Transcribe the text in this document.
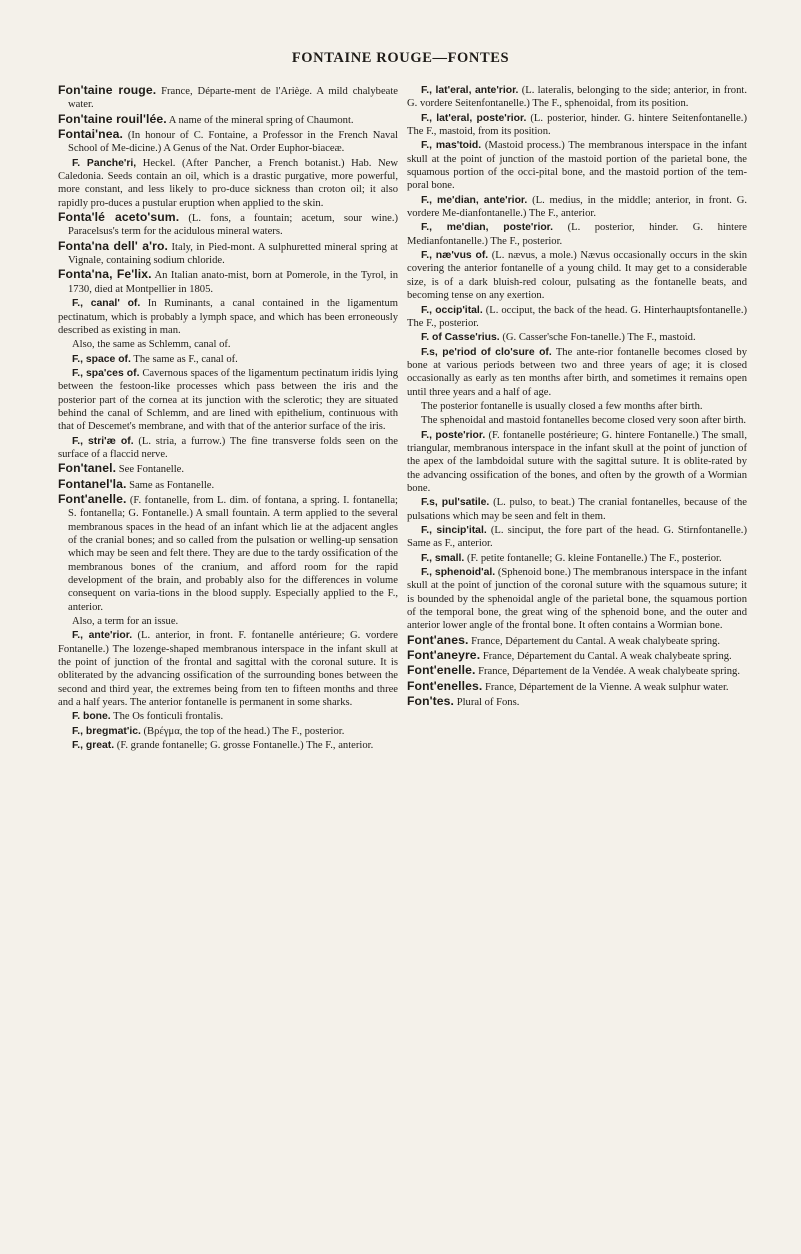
FONTAINE ROUGE—FONTES

Fon'taine rouge. France, Départe-ment de l'Ariège. A mild chalybeate water.

Fon'taine rouil'lée. A name of the mineral spring of Chaumont.

Fontai'nea. (In honour of C. Fontaine, a Professor in the French Naval School of Me-dicine.) A Genus of the Nat. Order Euphor-biaceæ.

F. Panche'ri, Heckel. (After Pancher, a French botanist.) Hab. New Caledonia. Seeds contain an oil, which is a drastic purgative, more powerful, more constant, and less likely to pro-duce sickness than croton oil; it also rapidly pro-duces a pustular eruption when applied to the skin.

Fonta'lé aceto'sum. (L. fons, a fountain; acetum, sour wine.) Paracelsus's term for the acidulous mineral waters.

Fonta'na dell' a'ro. Italy, in Pied-mont. A sulphuretted mineral spring at Vignale, containing sodium chloride.

Fonta'na, Fe'lix. An Italian anato-mist, born at Pomerole, in the Tyrol, in 1730, died at Montpellier in 1805.

F., canal' of. In Ruminants, a canal contained in the ligamentum pectinatum, which is probably a lymph space, and which has been erroneously described as existing in man.

Also, the same as Schlemm, canal of.

F., space of. The same as F., canal of.

F., spa'ces of. Cavernous spaces of the ligamentum pectinatum iridis lying between the festoon-like processes which pass between the iris and the posterior part of the cornea at its junction with the sclerotic; they are situated behind the canal of Schlemm, and are lined with epithelium, continuous with that of Descemet's membrane, and with that of the anterior surface of the iris.

F., stri'æ of. (L. stria, a furrow.) The fine transverse folds seen on the surface of a flaccid nerve.

Fon'tanel. See Fontanelle.

Fontanel'la. Same as Fontanelle.

Font'anelle. (F. fontanelle, from L. dim. of fontana, a spring. I. fontanella; S. fontanella; G. Fontanelle.) A small fountain. A term applied to the several membranous spaces in the head of an infant which lie at the adjacent angles of the cranial bones; and so called from the pulsation or welling-up sensation which may be seen and felt there. They are due to the tardy ossification of the membranous bones of the cranium, and afford room for the rapid development of the brain, and probably also for the differences in volume consequent on varia-tions in the blood supply. Especially applied to the F., anterior.

Also, a term for an issue.

F., ante'rior. (L. anterior, in front. F. fontanelle antérieure; G. vordere Fontanelle.) The lozenge-shaped membranous interspace in the infant skull at the point of junction of the frontal and sagittal with the coronal suture. It is obliterated by the advancing ossification of the surrounding bones between the second and third year, the extremes being from ten to fifteen months and three and a half years. The anterior fontanelle is permanent in some sharks.

F. bone. The Os fonticuli frontalis.

F., bregmat'ic. (Βρέγμα, the top of the head.) The F., posterior.

F., great. (F. grande fontanelle; G. grosse Fontanelle.) The F., anterior.

F., lat'eral, ante'rior. (L. lateralis, belonging to the side; anterior, in front. G. vordere Seitenfontanelle.) The F., sphenoidal, from its position.

F., lat'eral, poste'rior. (L. posterior, hinder. G. hintere Seitenfontanelle.) The F., mastoid, from its position.

F., mas'toid. (Mastoid process.) The membranous interspace in the infant skull at the point of junction of the mastoid portion of the parietal bone, the squamous portion of the occi-pital bone, and the mastoid portion of the tem-poral bone.

F., me'dian, ante'rior. (L. medius, in the middle; anterior, in front. G. vordere Me-dianfontanelle.) The F., anterior.

F., me'dian, poste'rior. (L. posterior, hinder. G. hintere Medianfontanelle.) The F., posterior.

F., næ'vus of. (L. nævus, a mole.) Nævus occasionally occurs in the skin covering the anterior fontanelle of a young child. It may get to a considerable size, is of a dark bluish-red colour, pulsating as the fontanelle beats, and becoming tense on any exertion.

F., occip'ital. (L. occiput, the back of the head. G. Hinterhauptsfontanelle.) The F., posterior.

F. of Casse'rius. (G. Casser'sche Fon-tanelle.) The F., mastoid.

F.s, pe'riod of clo'sure of. The ante-rior fontanelle becomes closed by bone at various periods between two and three years of age; it is closed occasionally as early as ten months after birth, and sometimes it remains open until three years and a half of age.

The posterior fontanelle is usually closed a few months after birth.

The sphenoidal and mastoid fontanelles become closed very soon after birth.

F., poste'rior. (F. fontanelle postérieure; G. hintere Fontanelle.) The small, triangular, membranous interspace in the infant skull at the point of junction of the apex of the lambdoidal suture with the sagittal suture. It is oblite-rated by the advancing ossification of the bones, and often by the growth of a Wormian bone.

F.s, pul'satile. (L. pulso, to beat.) The cranial fontanelles, because of the pulsations which may be seen and felt in them.

F., sincip'ital. (L. sinciput, the fore part of the head. G. Stirnfontanelle.) Same as F., anterior.

F., small. (F. petite fontanelle; G. kleine Fontanelle.) The F., posterior.

F., sphenoid'al. (Sphenoid bone.) The membranous interspace in the infant skull at the point of junction of the coronal suture with the squamous suture; it is bounded by the sphenoidal angle of the parietal bone, the squamous portion of the temporal bone, the great wing of the sphenoid bone, and the outer and anterior lower angle of the frontal bone. It often contains a Wormian bone.

Font'anes. France, Département du Cantal. A weak chalybeate spring.

Font'aneyre. France, Département du Cantal. A weak chalybeate spring.

Font'enelle. France, Département de la Vendée. A weak chalybeate spring.

Font'enelles. France, Département de la Vienne. A weak sulphur water.

Fon'tes. Plural of Fons.
